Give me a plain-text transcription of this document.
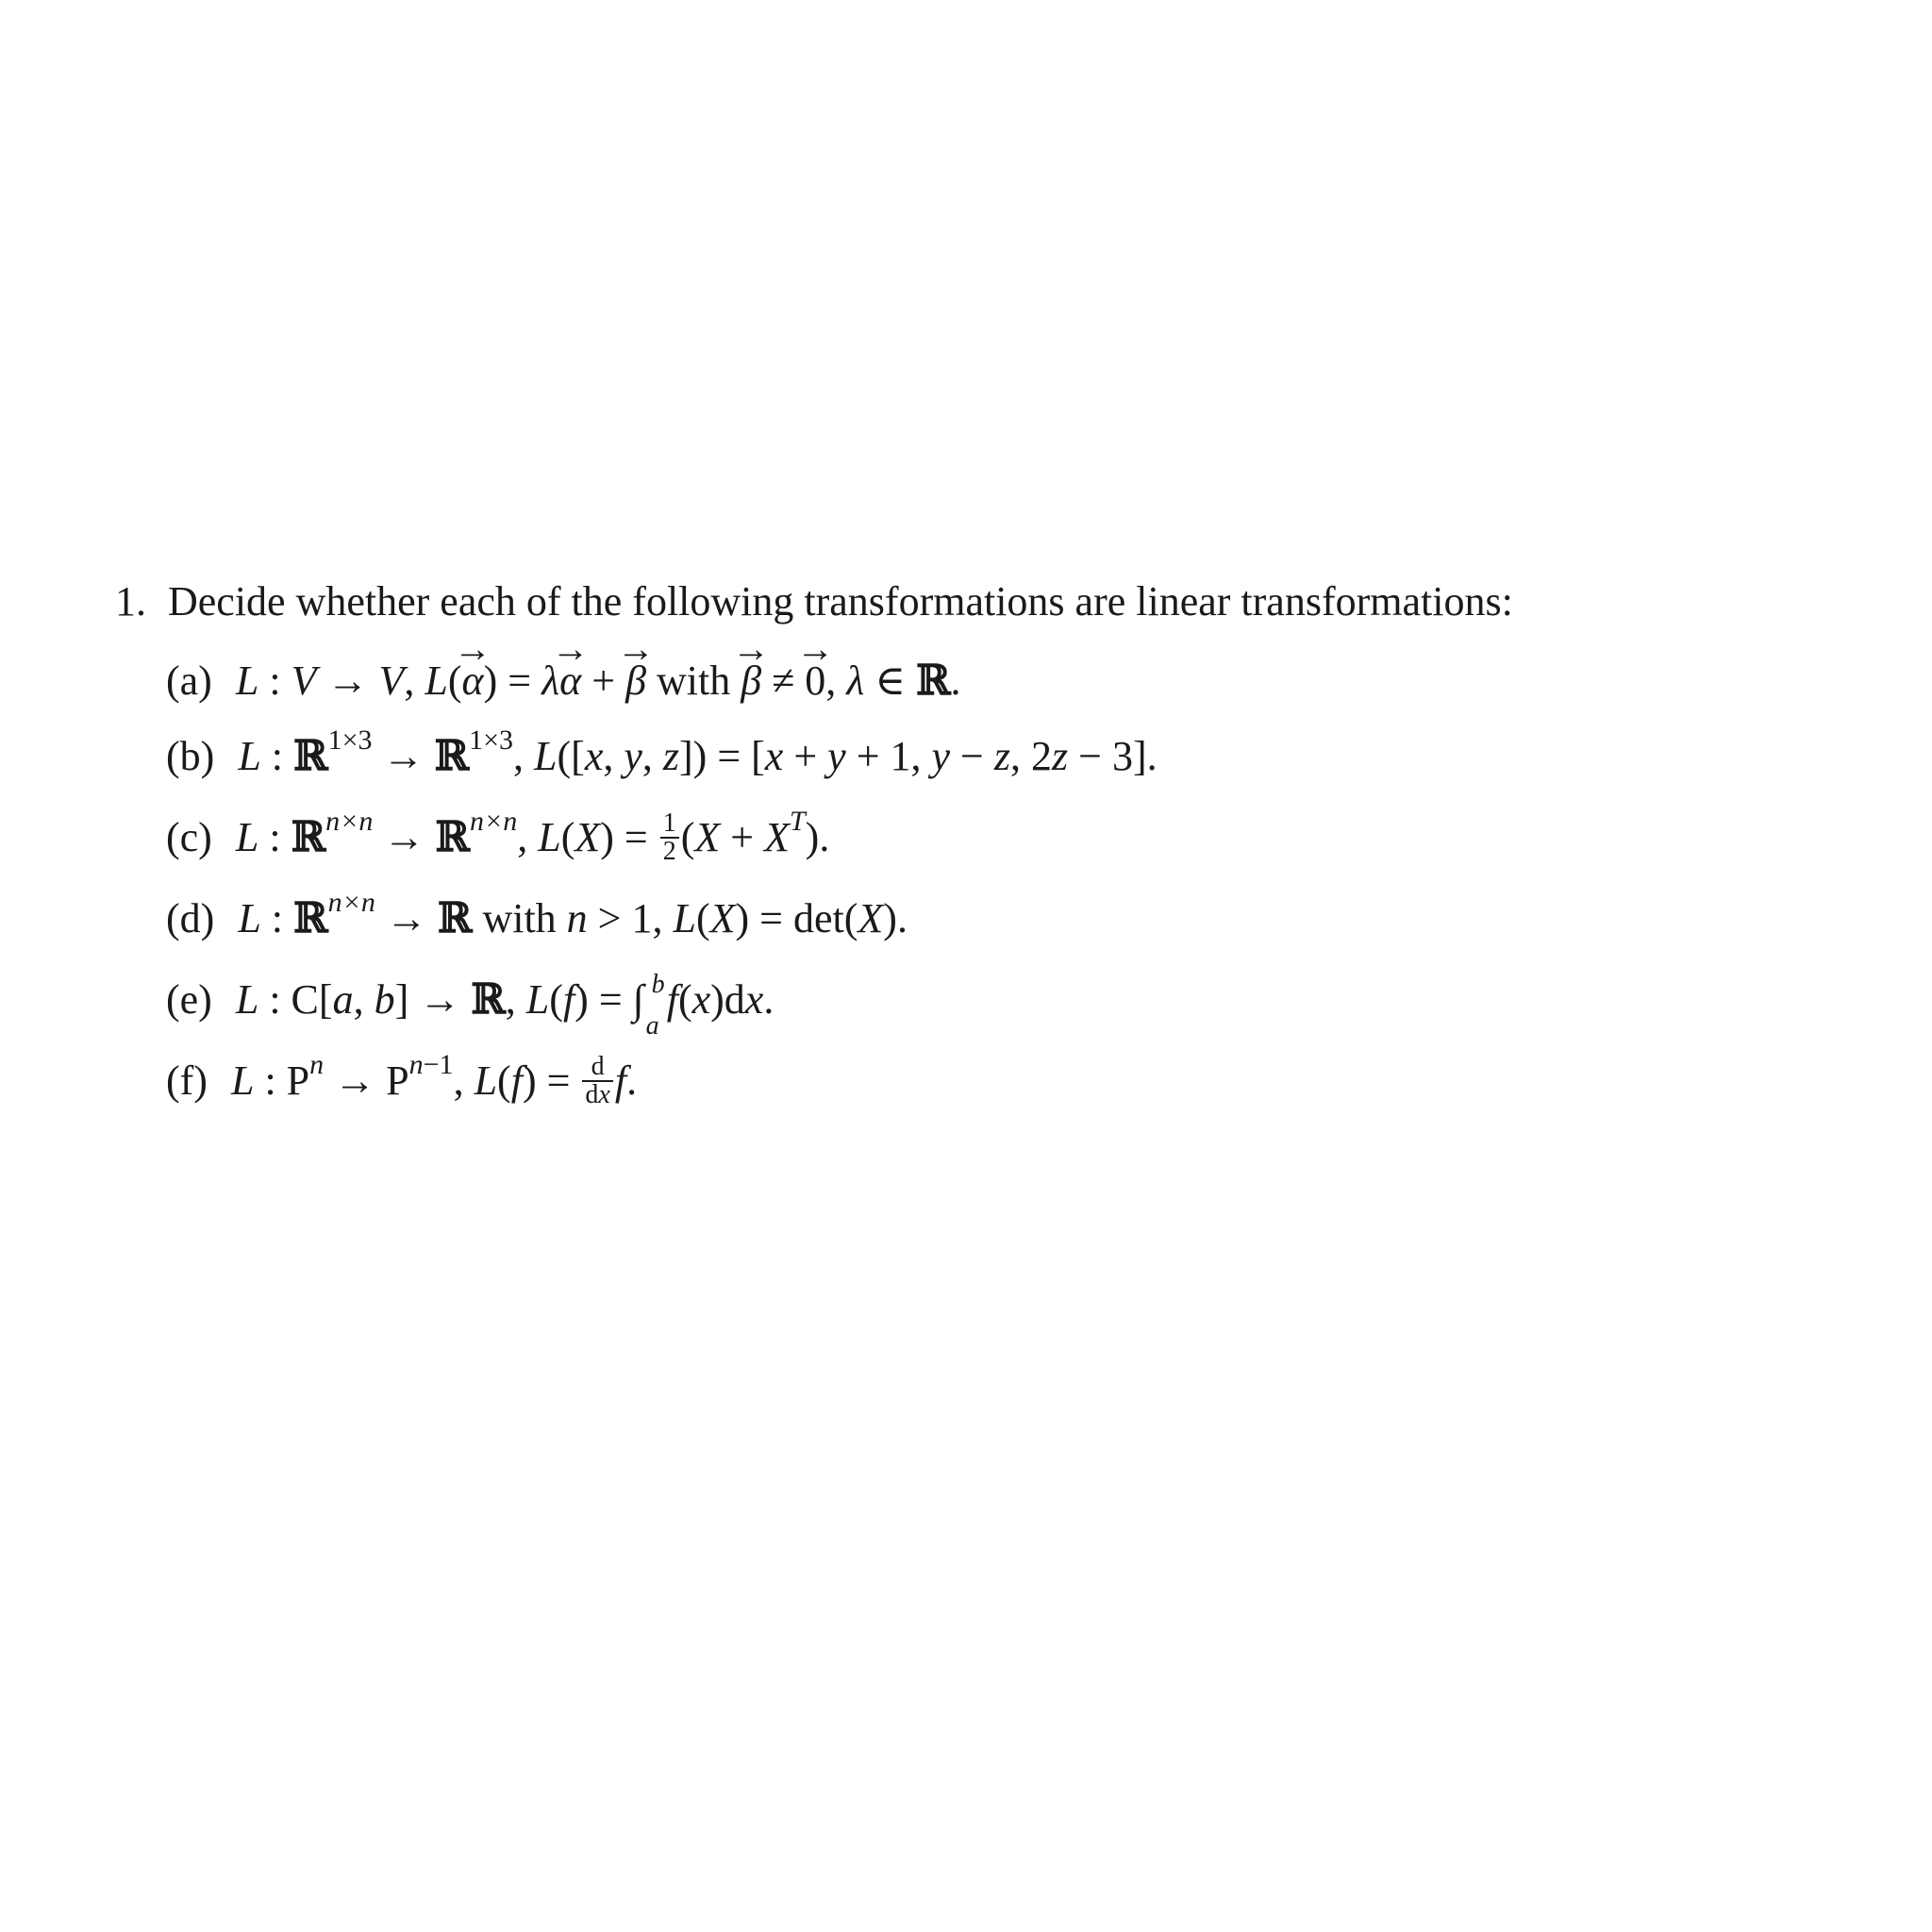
1. Decide whether each of the following transformations are linear transformations:
(a) L : V → V, L(→ α) = λ→ α + → β with → β ≠ → 0, λ ∈ ℝ.
(b) L : ℝ$^{1\times 3}$ → ℝ$^{1\times 3}$, L([x, y, z]) = [x + y + 1, y − z, 2z − 3].
(c) L : ℝ$^{n\times n}$ → ℝ$^{n\times n}$, $L(X) = \frac{1}{2} (X + X^T)$.
(d) L : ℝ$^{n\times n}$ → ℝ with n > 1, L(X) = det(X).
(e) L : C[a, b] → ℝ, L(f) = ∫ b
a
f(x)dx.
(f) L : $P^n \to P^{n-1}$, $L(f) = \frac{d}{dx} f$.
